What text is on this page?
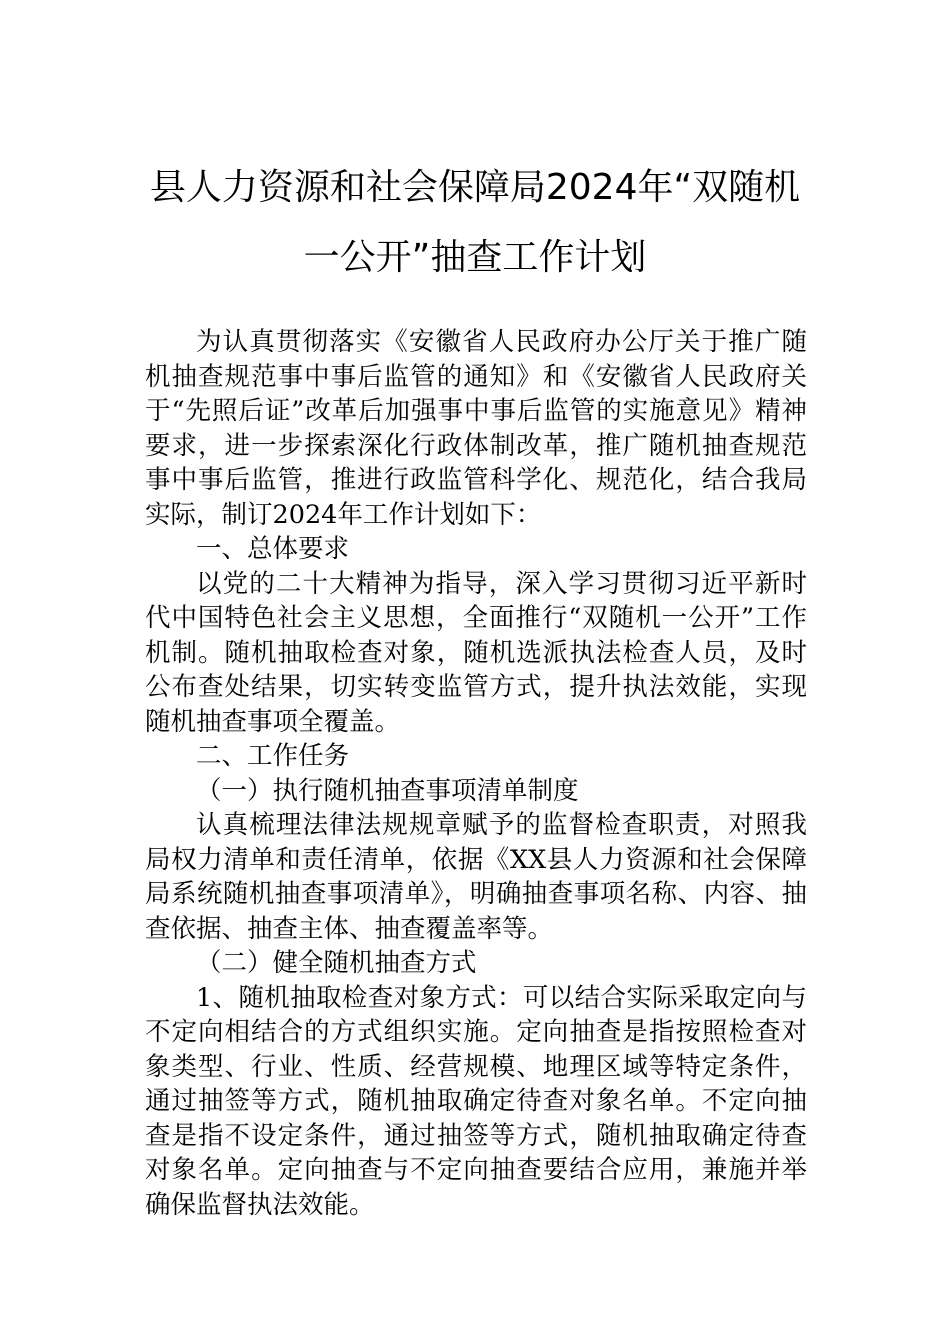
县人力资源和社会保障局2024年“双随机
一公开”抽查工作计划

为认真贯彻落实《安徽省人民政府办公厅关于推广随机抽查规范事中事后监管的通知》和《安徽省人民政府关于“先照后证”改革后加强事中事后监管的实施意见》精神要求，进一步探索深化行政体制改革，推广随机抽查规范事中事后监管，推进行政监管科学化、规范化，结合我局实际，制订2024年工作计划如下：

一、总体要求

以党的二十大精神为指导，深入学习贯彻习近平新时代中国特色社会主义思想，全面推行“双随机一公开”工作机制。随机抽取检查对象，随机选派执法检查人员，及时公布查处结果，切实转变监管方式，提升执法效能，实现随机抽查事项全覆盖。

二、工作任务

（一）执行随机抽查事项清单制度

认真梳理法律法规规章赋予的监督检查职责，对照我局权力清单和责任清单，依据《XX县人力资源和社会保障局系统随机抽查事项清单》，明确抽查事项名称、内容、抽查依据、抽查主体、抽查覆盖率等。

（二）健全随机抽查方式

1、随机抽取检查对象方式：可以结合实际采取定向与不定向相结合的方式组织实施。定向抽查是指按照检查对象类型、行业、性质、经营规模、地理区域等特定条件，通过抽签等方式，随机抽取确定待查对象名单。不定向抽查是指不设定条件，通过抽签等方式，随机抽取确定待查对象名单。定向抽查与不定向抽查要结合应用，兼施并举确保监督执法效能。
